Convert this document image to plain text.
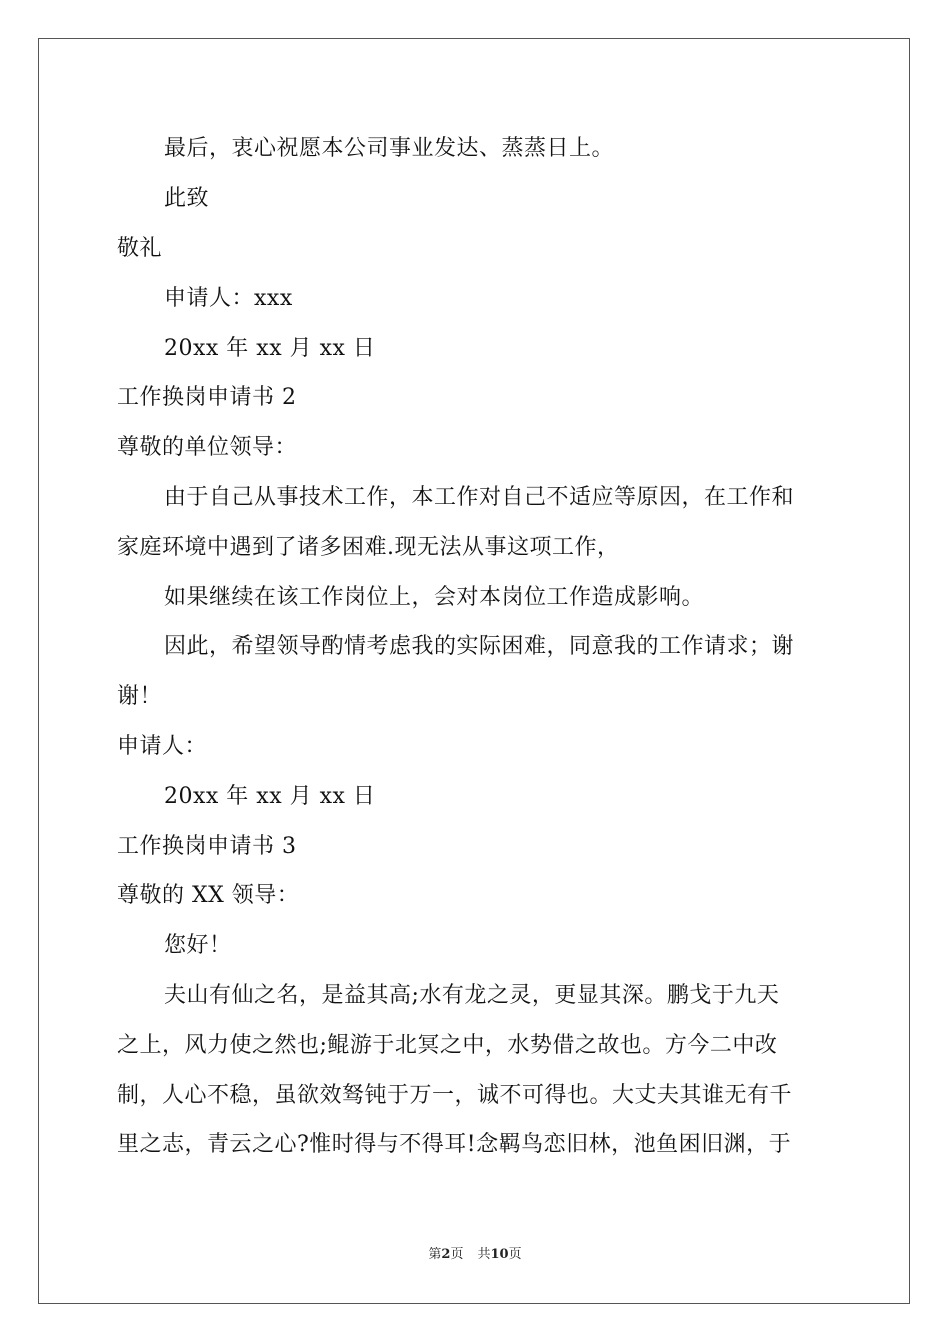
最后，衷心祝愿本公司事业发达、蒸蒸日上。
此致
敬礼
申请人：xxx
20xx 年 xx 月 xx 日
工作换岗申请书 2
尊敬的单位领导：
由于自己从事技术工作，本工作对自己不适应等原因，在工作和
家庭环境中遇到了诸多困难.现无法从事这项工作，
如果继续在该工作岗位上，会对本岗位工作造成影响。
因此，希望领导酌情考虑我的实际困难，同意我的工作请求；谢
谢！
申请人：
20xx 年 xx 月 xx 日
工作换岗申请书 3
尊敬的 XX 领导：
您好！
夫山有仙之名，是益其高;水有龙之灵，更显其深。鹏戈于九天
之上，风力使之然也;鲲游于北冥之中，水势借之故也。方今二中改
制，人心不稳，虽欲效驽钝于万一，诚不可得也。大丈夫其谁无有千
里之志，青云之心?惟时得与不得耳!念羁鸟恋旧林，池鱼困旧渊，于
第2页 共10页
